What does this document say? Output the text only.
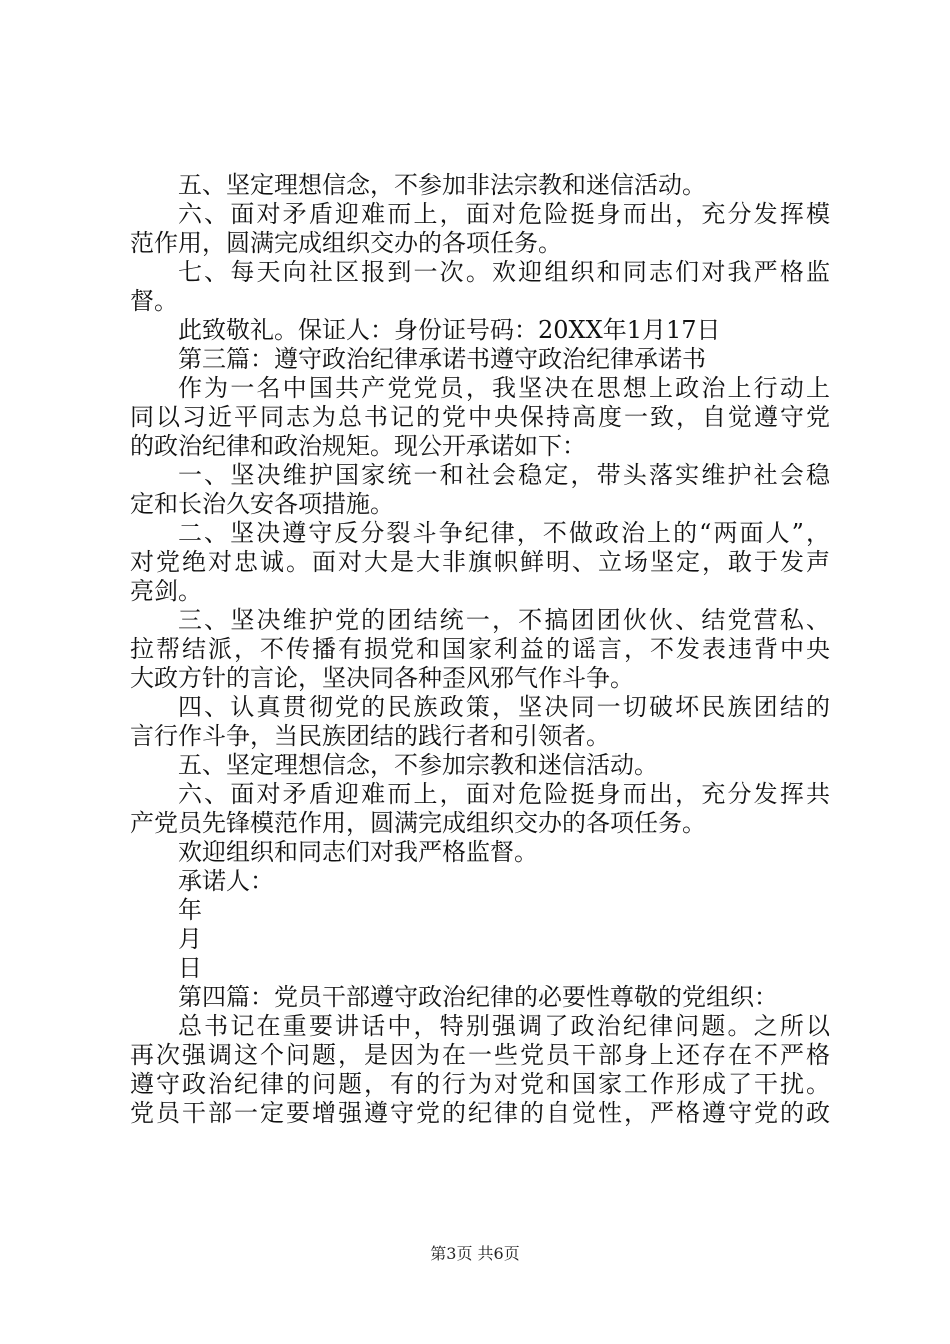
五、坚定理想信念，不参加非法宗教和迷信活动。

六、面对矛盾迎难而上，面对危险挺身而出，充分发挥模

范作用，圆满完成组织交办的各项任务。

七、每天向社区报到一次。欢迎组织和同志们对我严格监

督。

此致敬礼。保证人：身份证号码：20XX年1月17日

第三篇：遵守政治纪律承诺书遵守政治纪律承诺书

作为一名中国共产党党员，我坚决在思想上政治上行动上

同以习近平同志为总书记的党中央保持高度一致，自觉遵守党

的政治纪律和政治规矩。现公开承诺如下：

一、坚决维护国家统一和社会稳定，带头落实维护社会稳

定和长治久安各项措施。

二、坚决遵守反分裂斗争纪律，不做政治上的“两面人”，

对党绝对忠诚。面对大是大非旗帜鲜明、立场坚定，敢于发声

亮剑。

三、坚决维护党的团结统一，不搞团团伙伙、结党营私、

拉帮结派，不传播有损党和国家利益的谣言，不发表违背中央

大政方针的言论，坚决同各种歪风邪气作斗争。

四、认真贯彻党的民族政策，坚决同一切破坏民族团结的

言行作斗争，当民族团结的践行者和引领者。

五、坚定理想信念，不参加宗教和迷信活动。

六、面对矛盾迎难而上，面对危险挺身而出，充分发挥共

产党员先锋模范作用，圆满完成组织交办的各项任务。

欢迎组织和同志们对我严格监督。

承诺人：

年

月

日

第四篇：党员干部遵守政治纪律的必要性尊敬的党组织：

总书记在重要讲话中，特别强调了政治纪律问题。之所以

再次强调这个问题，是因为在一些党员干部身上还存在不严格

遵守政治纪律的问题，有的行为对党和国家工作形成了干扰。

党员干部一定要增强遵守党的纪律的自觉性，严格遵守党的政

第3页 共6页
